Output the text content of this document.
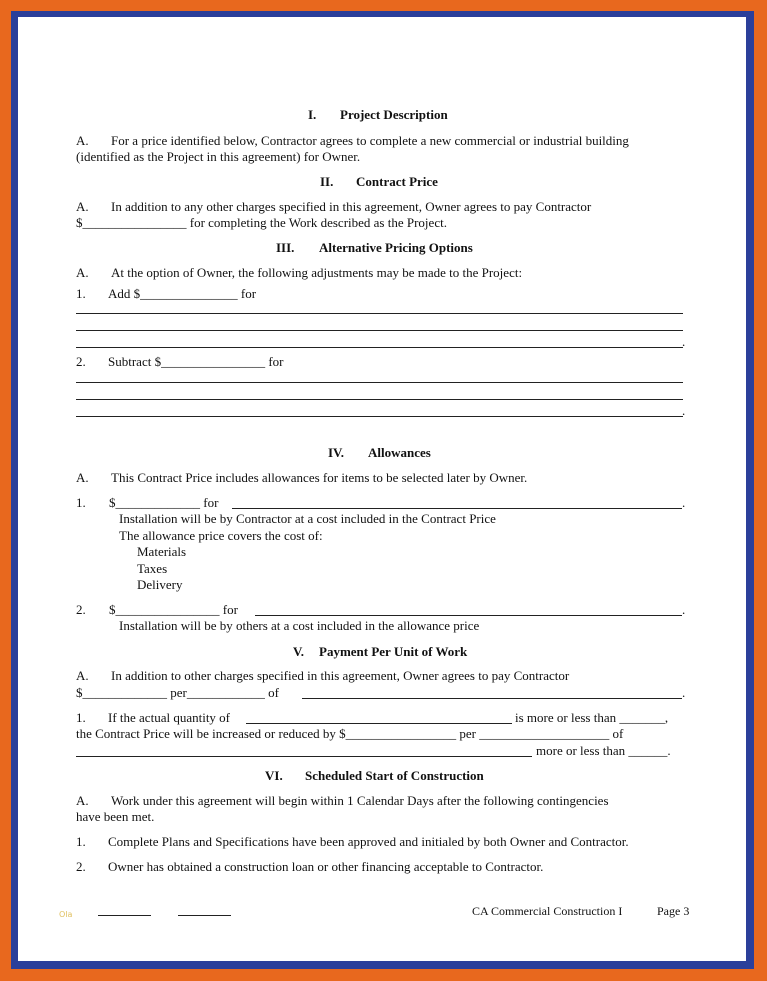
I. Project Description
A. For a price identified below, Contractor agrees to complete a new commercial or industrial building
(identified as the Project in this agreement) for Owner.
II. Contract Price
A. In addition to any other charges specified in this agreement, Owner agrees to pay Contractor
$________________ for completing the Work described as the Project.
III. Alternative Pricing Options
A. At the option of Owner, the following adjustments may be made to the Project:
1. Add $_______________ for
.
2. Subtract $________________ for
.
IV. Allowances
A. This Contract Price includes allowances for items to be selected later by Owner.
1. $_____________ for	.
Installation will be by Contractor at a cost included in the Contract Price
The allowance price covers the cost of:
Materials
Taxes
Delivery
2. $________________ for	.
Installation will be by others at a cost included in the allowance price
V. Payment Per Unit of Work
A. In addition to other charges specified in this agreement, Owner agrees to pay Contractor
$_____________ per____________ of	.
1. If the actual quantity of	is more or less than _______,
the Contract Price will be increased or reduced by $_________________ per ____________________ of
more or less than ______.
VI. Scheduled Start of Construction
A. Work under this agreement will begin within 1 Calendar Days after the following contingencies
have been met.
1. Complete Plans and Specifications have been approved and initialed by both Owner and Contractor.
2. Owner has obtained a construction loan or other financing acceptable to Contractor.
Ola	CA Commercial Construction I	Page 3
